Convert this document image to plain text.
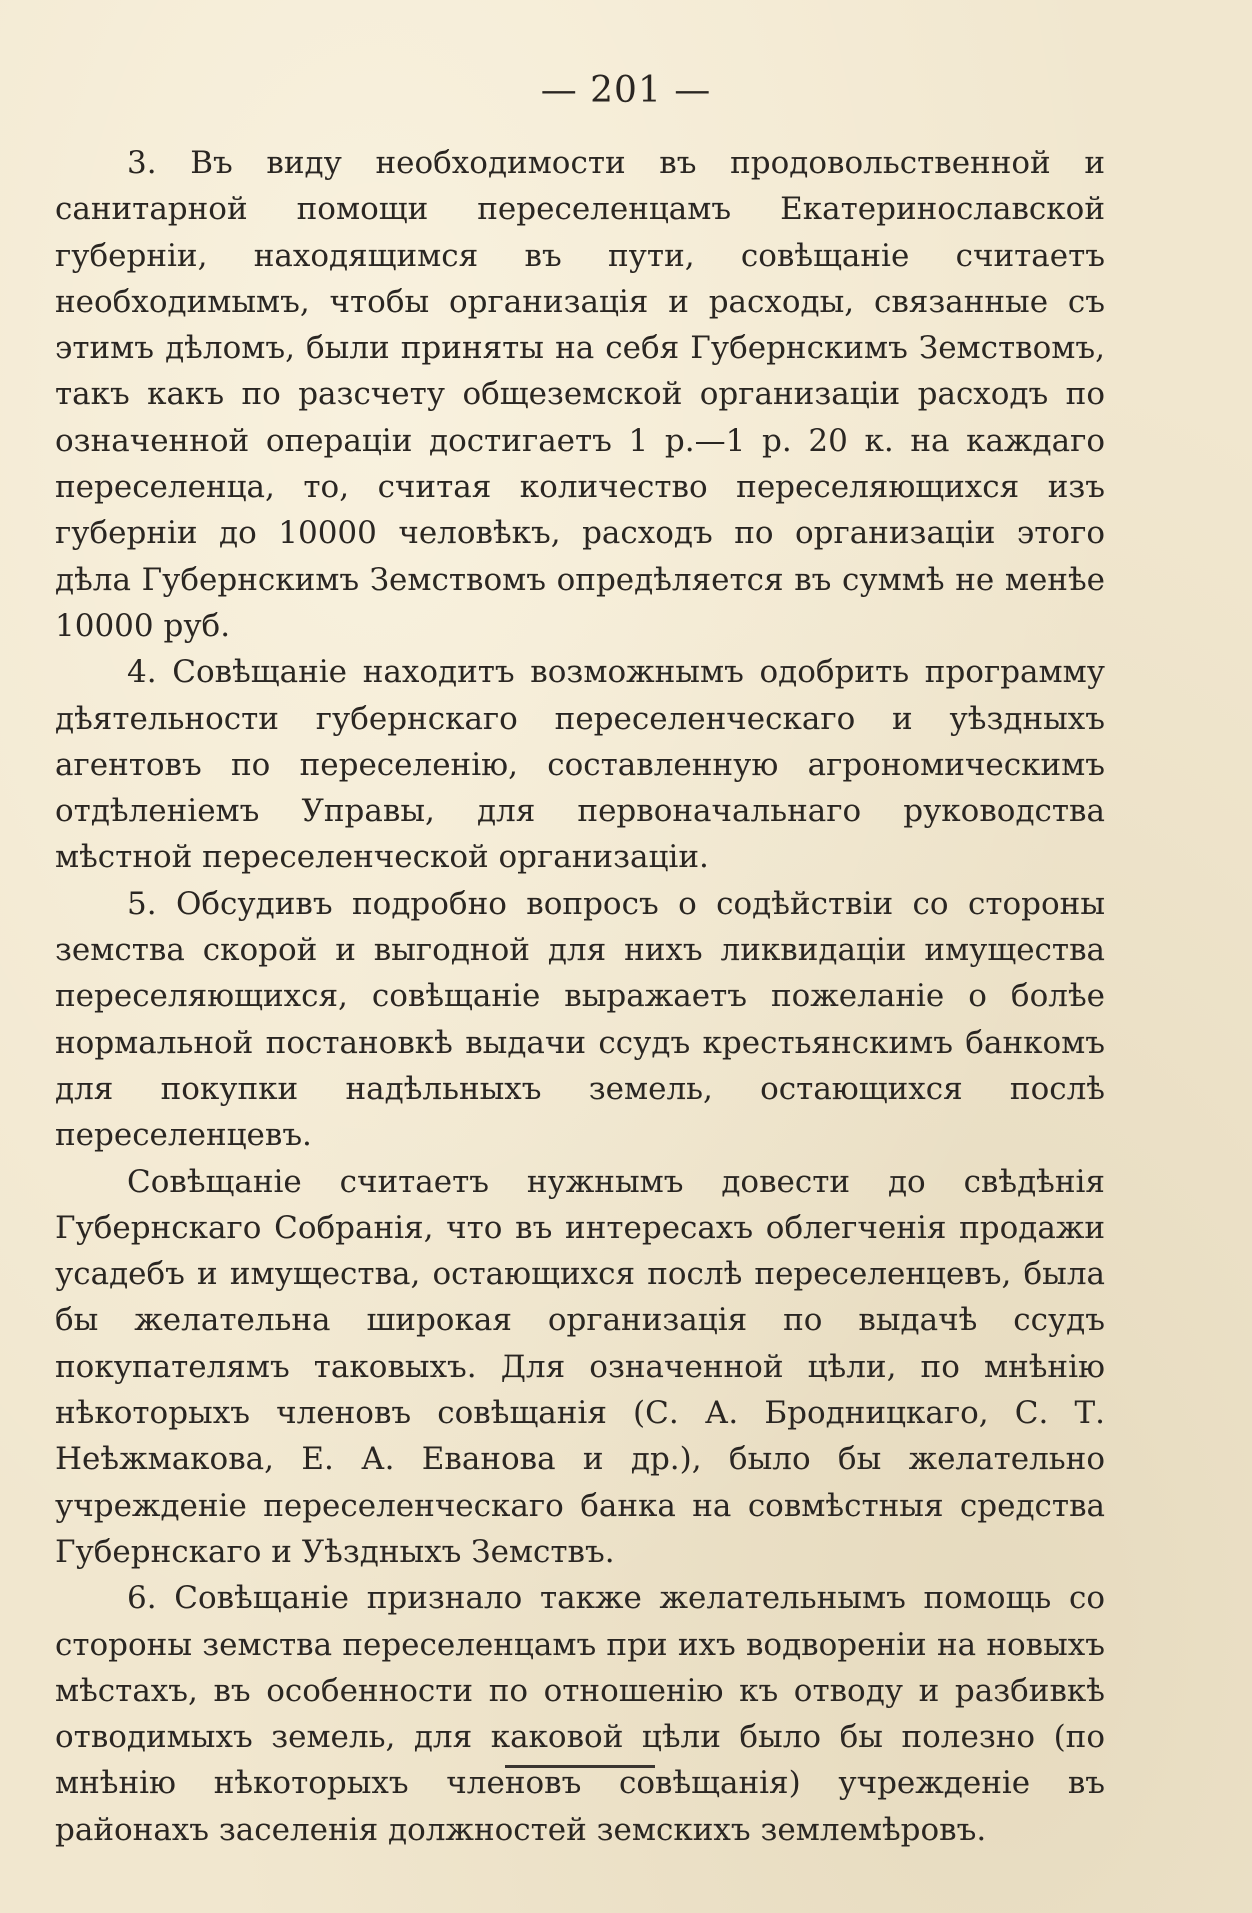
— 201 —

3. Въ виду необходимости въ продовольственной и санитарной помощи переселенцамъ Екатеринославской губерніи, находящимся въ пути, совѣщаніе считаетъ необходимымъ, чтобы организація и расходы, связанные съ этимъ дѣломъ, были приняты на себя Губернскимъ Земствомъ, такъ какъ по разсчету общеземской организаціи расходъ по означенной операціи достигаетъ 1 р.—1 р. 20 к. на каждаго переселенца, то, считая количество переселяющихся изъ губерніи до 10000 человѣкъ, расходъ по организаціи этого дѣла Губернскимъ Земствомъ опредѣляется въ суммѣ не менѣе 10000 руб.

4. Совѣщаніе находитъ возможнымъ одобрить программу дѣятельности губернскаго переселенческаго и уѣздныхъ агентовъ по переселенію, составленную агрономическимъ отдѣленіемъ Управы, для первоначальнаго руководства мѣстной переселенческой организаціи.

5. Обсудивъ подробно вопросъ о содѣйствіи со стороны земства скорой и выгодной для нихъ ликвидаціи имущества переселяющихся, совѣщаніе выражаетъ пожеланіе о болѣе нормальной постановкѣ выдачи ссудъ крестьянскимъ банкомъ для покупки надѣльныхъ земель, остающихся послѣ переселенцевъ.

Совѣщаніе считаетъ нужнымъ довести до свѣдѣнія Губернскаго Собранія, что въ интересахъ облегченія продажи усадебъ и имущества, остающихся послѣ переселенцевъ, была бы желательна широкая организація по выдачѣ ссудъ покупателямъ таковыхъ. Для означенной цѣли, по мнѣнію нѣкоторыхъ членовъ совѣщанія (С. А. Бродницкаго, С. Т. Неѣжмакова, Е. А. Еванова и др.), было бы желательно учрежденіе переселенческаго банка на совмѣстныя средства Губернскаго и Уѣздныхъ Земствъ.

6. Совѣщаніе признало также желательнымъ помощь со стороны земства переселенцамъ при ихъ водвореніи на новыхъ мѣстахъ, въ особенности по отношенію къ отводу и разбивкѣ отводимыхъ земель, для каковой цѣли было бы полезно (по мнѣнію нѣкоторыхъ членовъ совѣщанія) учрежденіе въ районахъ заселенія должностей земскихъ землемѣровъ.
